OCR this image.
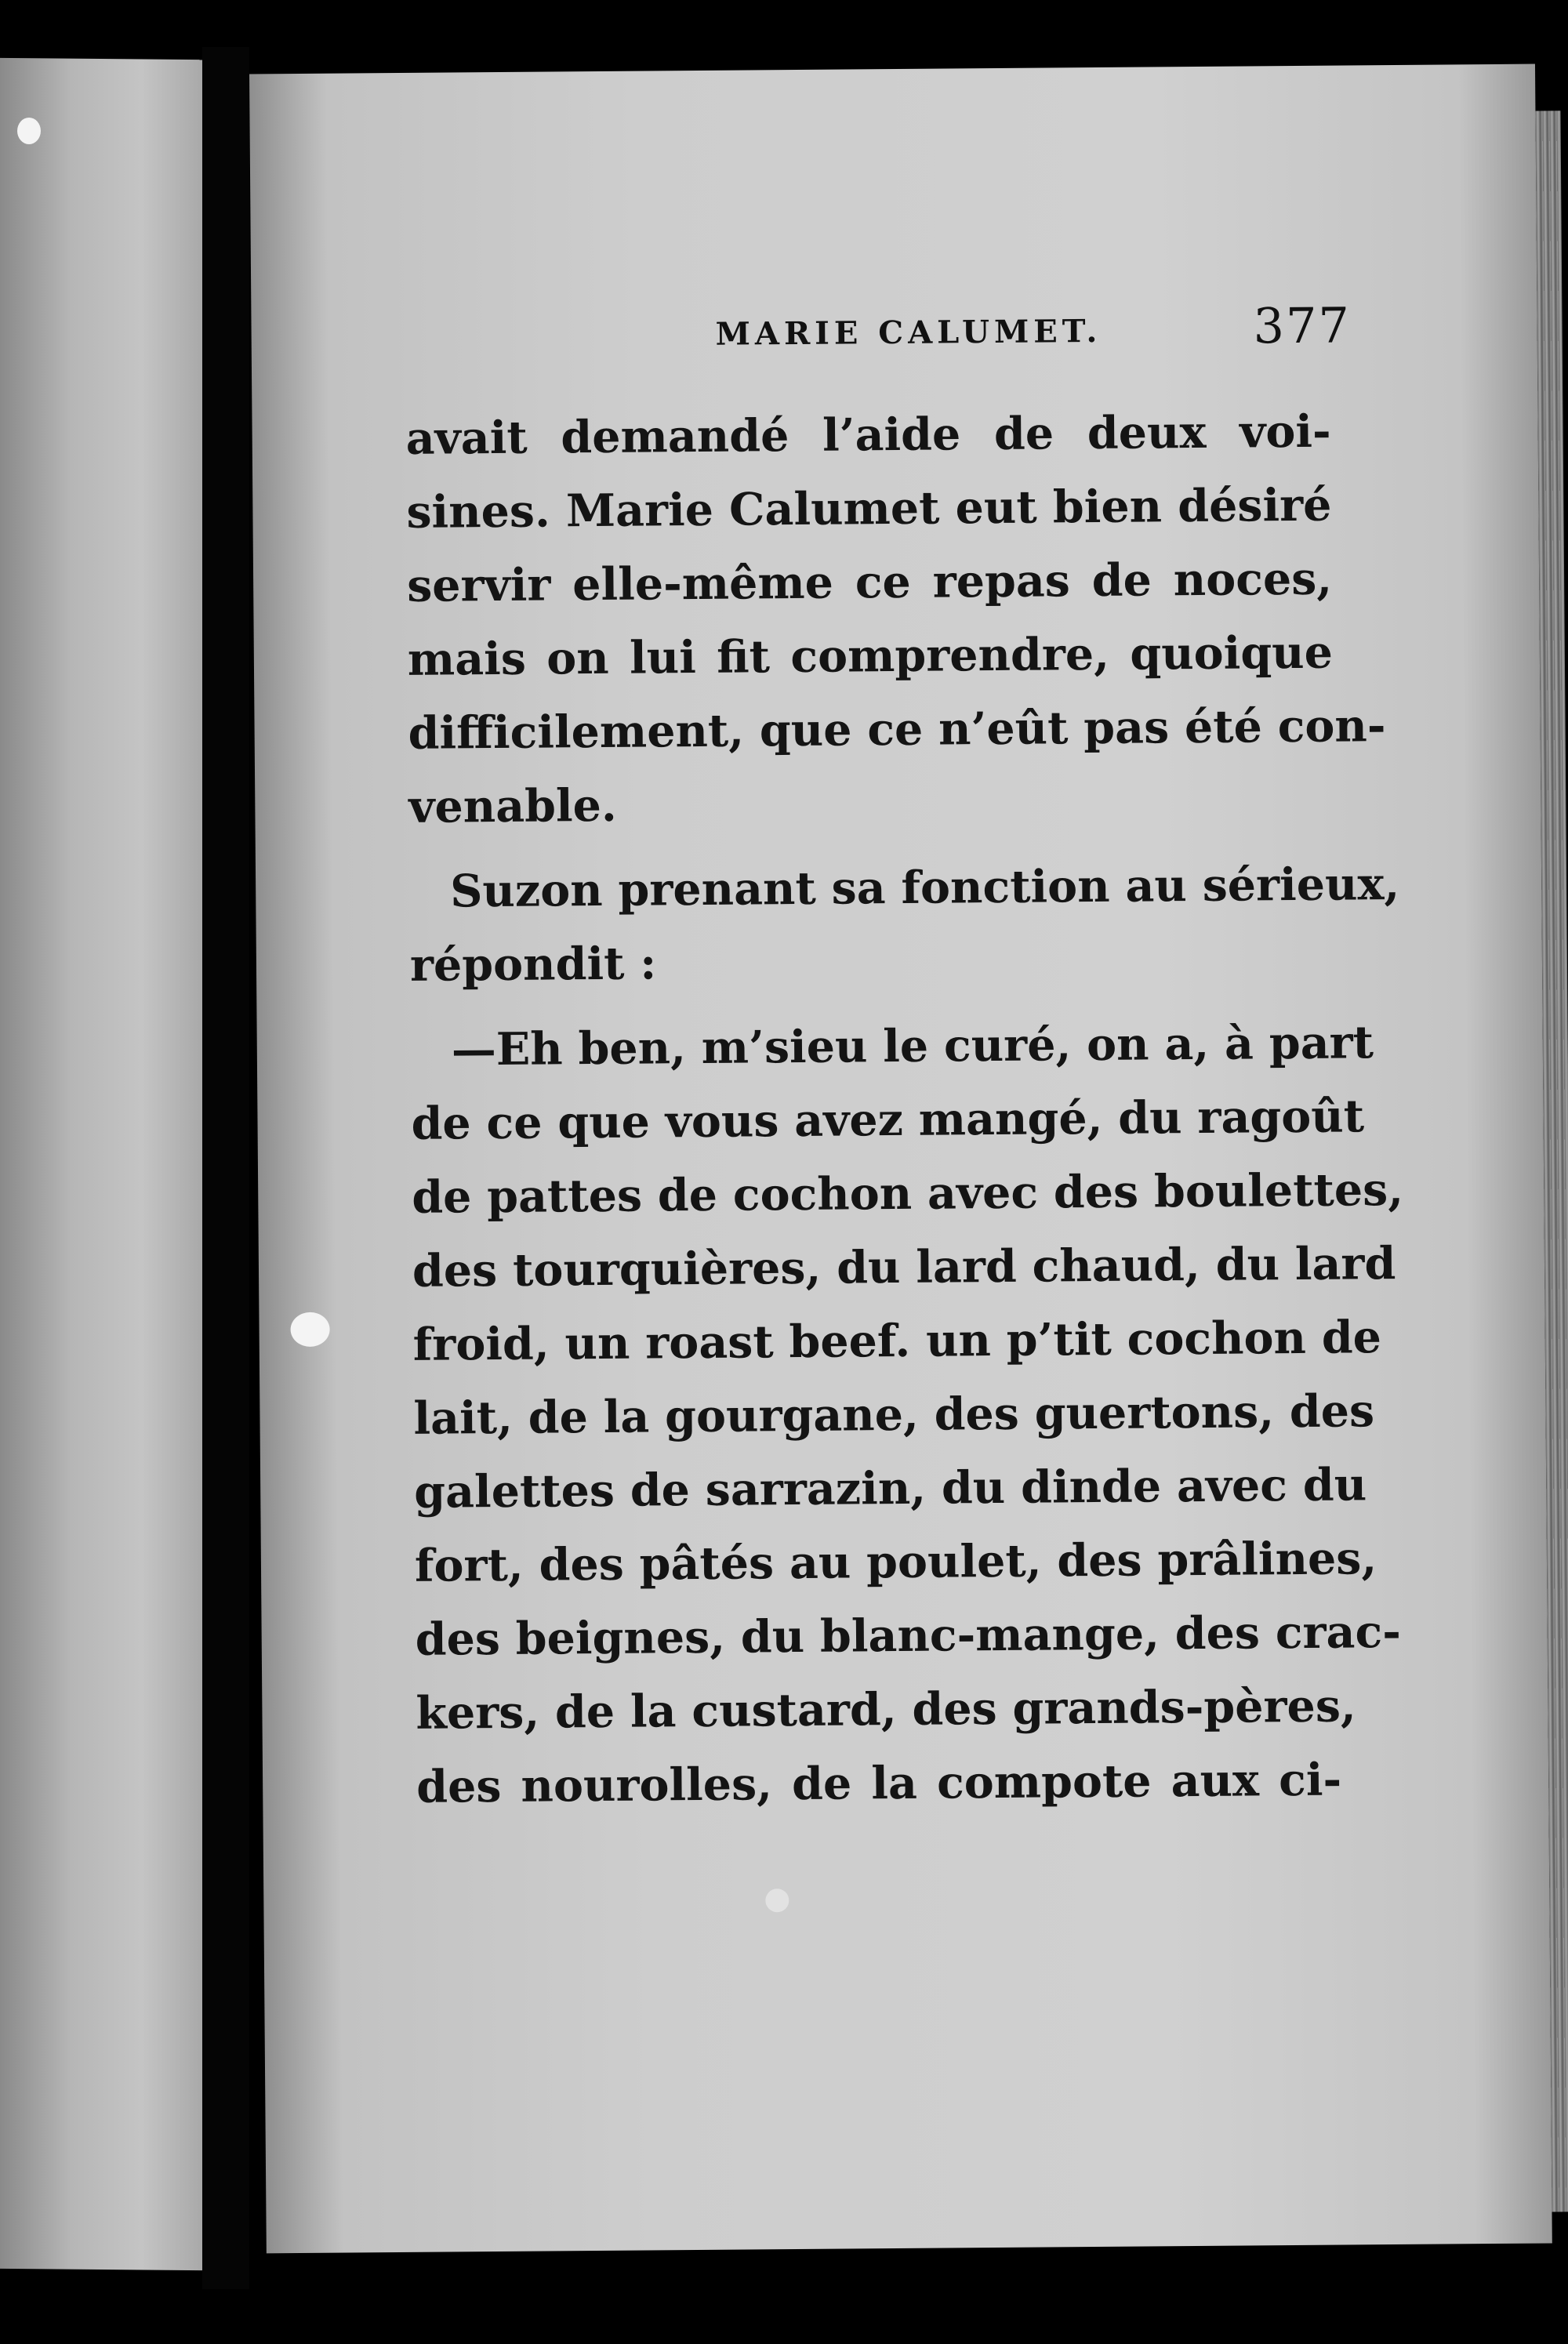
MARIE CALUMET.	377
avait demandé l’aide de deux voi-
sines. Marie Calumet eut bien désiré
servir elle-même ce repas de noces,
mais on lui fit comprendre, quoique
difficilement, que ce n’eût pas été con-
venable.
Suzon prenant sa fonction au sérieux,
répondit :
—Eh ben, m’sieu le curé, on a, à part
de ce que vous avez mangé, du ragoût
de pattes de cochon avec des boulettes,
des tourquières, du lard chaud, du lard
froid, un roast beef. un p’tit cochon de
lait, de la gourgane, des guertons, des
galettes de sarrazin, du dinde avec du
fort, des pâtés au poulet, des prâlines,
des beignes, du blanc-mange, des crac-
kers, de la custard, des grands-pères,
des nourolles, de la compote aux ci-
